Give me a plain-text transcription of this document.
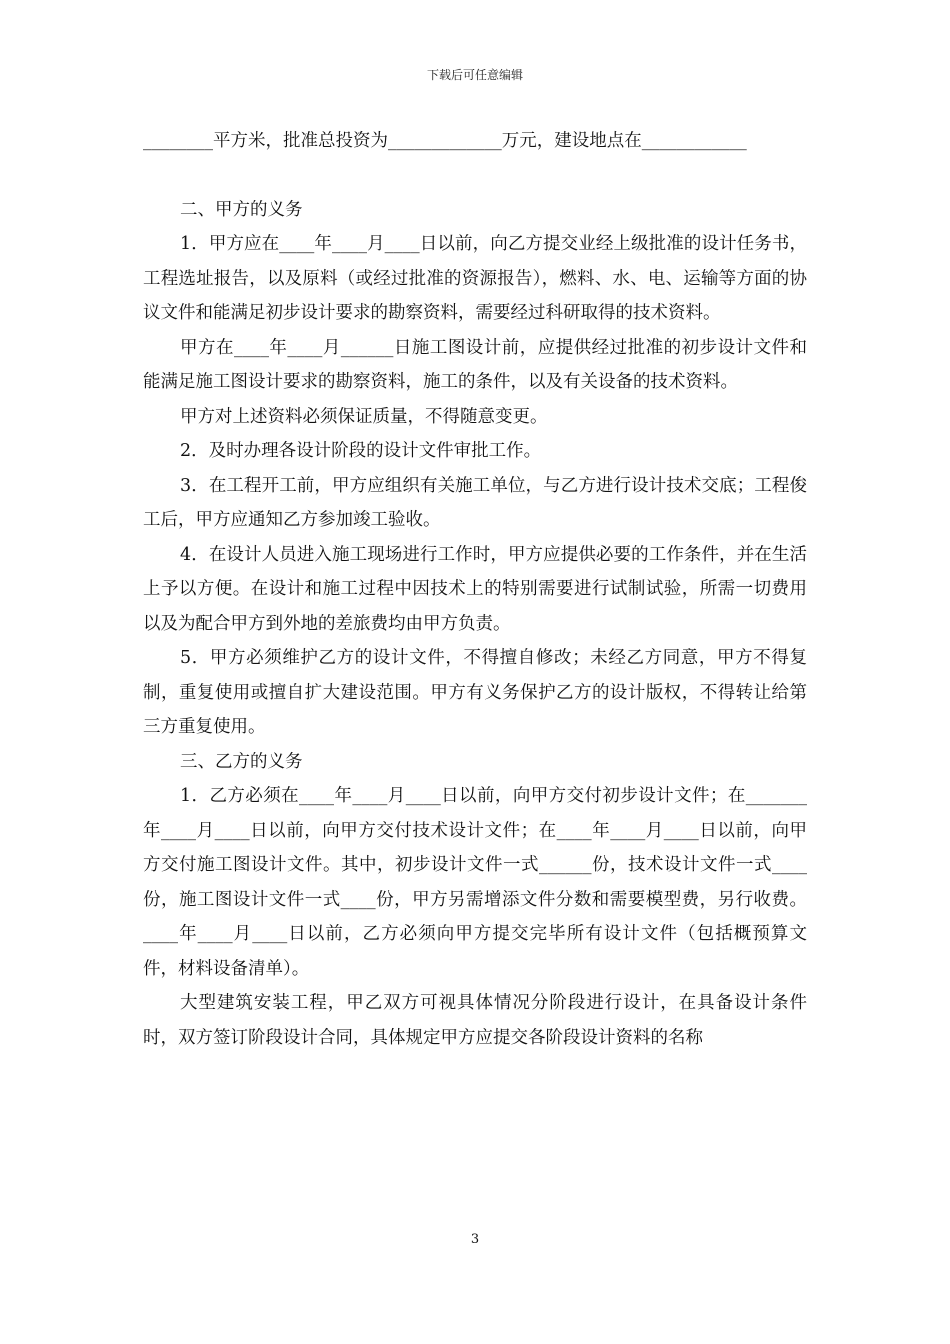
下载后可任意编辑

________平方米，批准总投资为_____________万元，建设地点在____________

二、甲方的义务

1．甲方应在____年____月____日以前，向乙方提交业经上级批准的设计任务书，工程选址报告，以及原料（或经过批准的资源报告），燃料、水、电、运输等方面的协议文件和能满足初步设计要求的勘察资料，需要经过科研取得的技术资料。

甲方在____年____月______日施工图设计前，应提供经过批准的初步设计文件和能满足施工图设计要求的勘察资料，施工的条件，以及有关设备的技术资料。

甲方对上述资料必须保证质量，不得随意变更。

2．及时办理各设计阶段的设计文件审批工作。

3．在工程开工前，甲方应组织有关施工单位，与乙方进行设计技术交底；工程俊工后，甲方应通知乙方参加竣工验收。

4．在设计人员进入施工现场进行工作时，甲方应提供必要的工作条件，并在生活上予以方便。在设计和施工过程中因技术上的特别需要进行试制试验，所需一切费用以及为配合甲方到外地的差旅费均由甲方负责。

5．甲方必须维护乙方的设计文件，不得擅自修改；未经乙方同意，甲方不得复制，重复使用或擅自扩大建设范围。甲方有义务保护乙方的设计版权，不得转让给第三方重复使用。

三、乙方的义务

1．乙方必须在____年____月____日以前，向甲方交付初步设计文件；在_______年____月____日以前，向甲方交付技术设计文件；在____年____月____日以前，向甲方交付施工图设计文件。其中，初步设计文件一式______份，技术设计文件一式____份，施工图设计文件一式____份，甲方另需增添文件分数和需要模型费，另行收费。____年____月____日以前，乙方必须向甲方提交完毕所有设计文件（包括概预算文件，材料设备清单）。

大型建筑安装工程，甲乙双方可视具体情况分阶段进行设计，在具备设计条件时，双方签订阶段设计合同，具体规定甲方应提交各阶段设计资料的名称

3
